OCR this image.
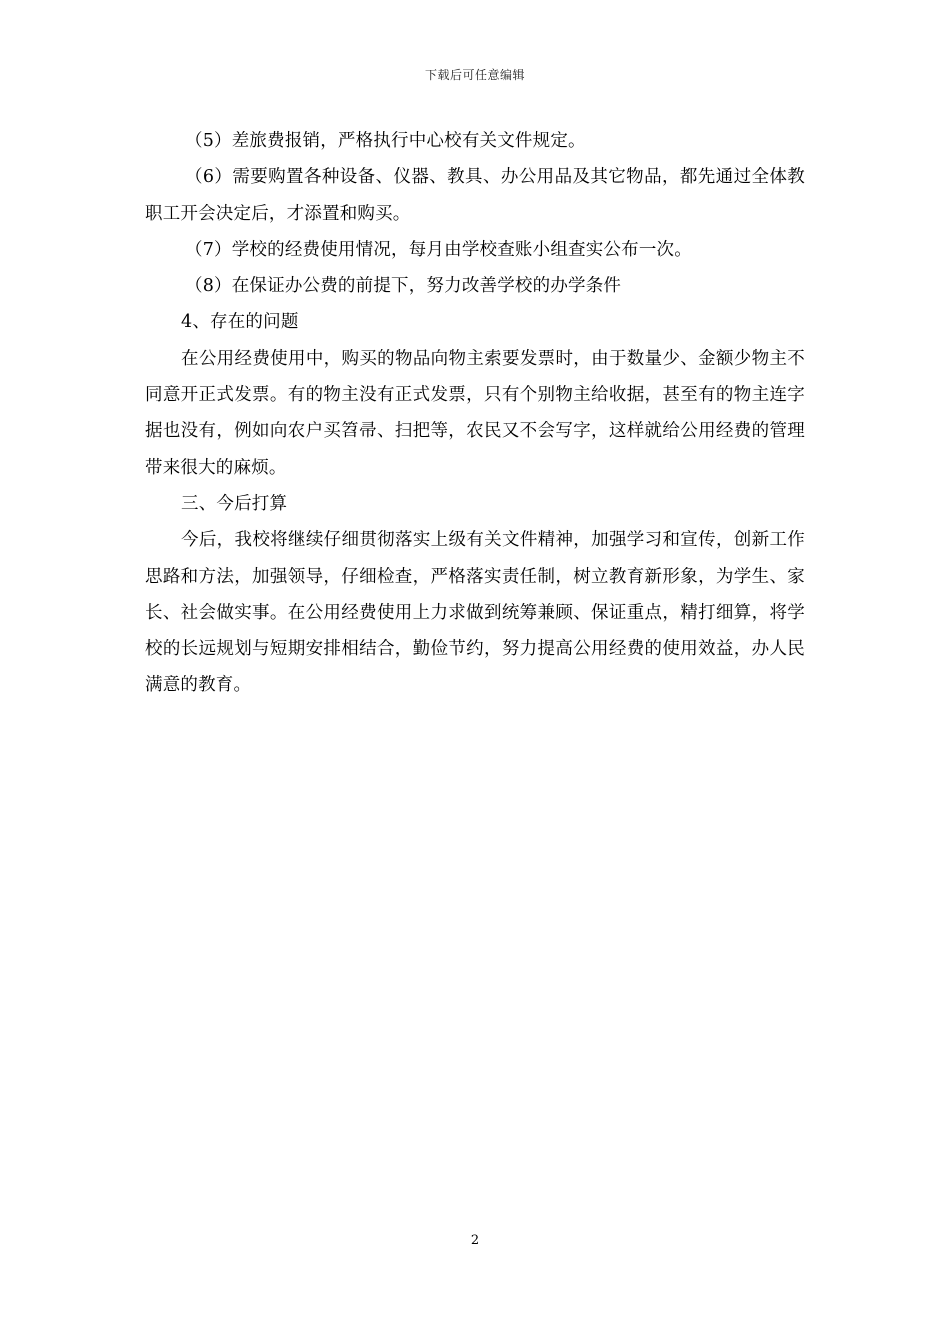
下载后可任意编辑

（5）差旅费报销，严格执行中心校有关文件规定。

（6）需要购置各种设备、仪器、教具、办公用品及其它物品，都先通过全体教职工开会决定后，才添置和购买。

（7）学校的经费使用情况，每月由学校查账小组查实公布一次。

（8）在保证办公费的前提下，努力改善学校的办学条件

4、存在的问题

在公用经费使用中，购买的物品向物主索要发票时，由于数量少、金额少物主不同意开正式发票。有的物主没有正式发票，只有个别物主给收据，甚至有的物主连字据也没有，例如向农户买笤帚、扫把等，农民又不会写字，这样就给公用经费的管理带来很大的麻烦。

三、今后打算

今后，我校将继续仔细贯彻落实上级有关文件精神，加强学习和宣传，创新工作思路和方法，加强领导，仔细检查，严格落实责任制，树立教育新形象，为学生、家长、社会做实事。在公用经费使用上力求做到统筹兼顾、保证重点，精打细算，将学校的长远规划与短期安排相结合，勤俭节约，努力提高公用经费的使用效益，办人民满意的教育。

2
